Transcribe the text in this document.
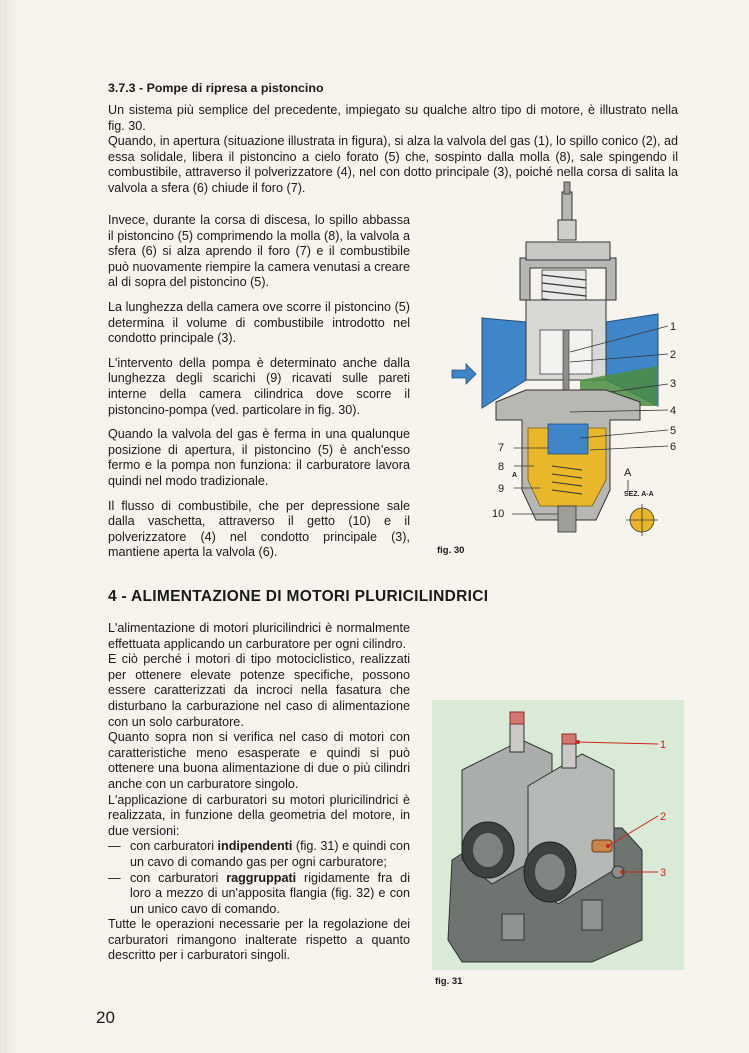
3.7.3 - Pompe di ripresa a pistoncino

Un sistema più semplice del precedente, impiegato su qualche altro tipo di motore, è illustrato nella fig. 30.

Quando, in apertura (situazione illustrata in figura), si alza la valvola del gas (1), lo spillo conico (2), ad essa solidale, libera il pistoncino a cielo forato (5) che, sospinto dalla molla (8), sale spingendo il combustibile, attraverso il polverizzatore (4), nel con dotto principale (3), poiché nella corsa di salita la valvola a sfera (6) chiude il foro (7).

Invece, durante la corsa di discesa, lo spillo abbassa il pistoncino (5) comprimendo la molla (8), la valvola a sfera (6) si alza aprendo il foro (7) e il combustibile può nuovamente riempire la camera venutasi a creare al di sopra del pistoncino (5).

La lunghezza della camera ove scorre il pistoncino (5) determina il volume di combustibile introdotto nel condotto principale (3).

L'intervento della pompa è determinato anche dalla lunghezza degli scarichi (9) ricavati sulle pareti interne della camera cilindrica dove scorre il pistoncino-pompa (ved. particolare in fig. 30).

Quando la valvola del gas è ferma in una qualunque posizione di apertura, il pistoncino (5) è anch'esso fermo e la pompa non funziona: il carburatore lavora quindi nel modo tradizionale.

Il flusso di combustibile, che per depressione sale dalla vaschetta, attraverso il getto (10) e il polverizzatore (4) nel condotto principale (3), mantiene aperta la valvola (6).

1
2
3
4
5
6
7
8
9
10
A	A
SEZ. A-A
fig. 30
4 - ALIMENTAZIONE DI MOTORI PLURICILINDRICI

L'alimentazione di motori pluricilindrici è normalmente effettuata applicando un carburatore per ogni cilindro.

E ciò perché i motori di tipo motociclistico, realizzati per ottenere elevate potenze specifiche, possono essere caratterizzati da incroci nella fasatura che disturbano la carburazione nel caso di alimentazione con un solo carburatore.

Quanto sopra non si verifica nel caso di motori con caratteristiche meno esasperate e quindi si può ottenere una buona alimentazione di due o più cilindri anche con un carburatore singolo.

L'applicazione di carburatori su motori pluricilindrici è realizzata, in funzione della geometria del motore, in due versioni:

— con carburatori indipendenti (fig. 31) e quindi con un cavo di comando gas per ogni carburatore;
— con carburatori raggruppati rigidamente fra di loro a mezzo di un'apposita flangia (fig. 32) e con un unico cavo di comando.

Tutte le operazioni necessarie per la regolazione dei carburatori rimangono inalterate rispetto a quanto descritto per i carburatori singoli.

1
2
3
fig. 31
20
